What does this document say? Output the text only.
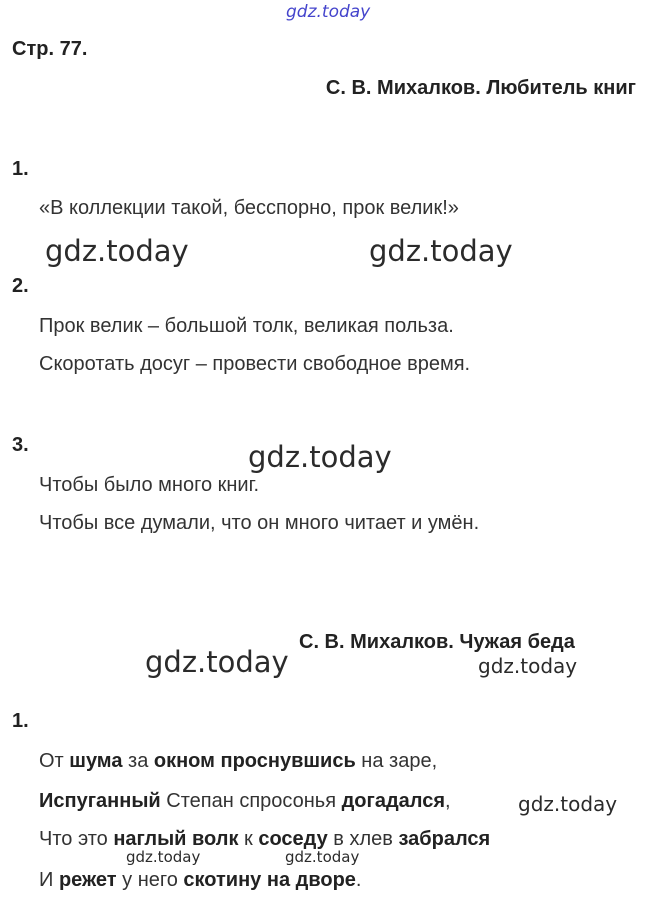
gdz.today
Стр. 77.
С. В. Михалков. Любитель книг
1.
«В коллекции такой, бесспорно, прок велик!»
gdz.today	gdz.today
2.
Прок велик – большой толк, великая польза.
Скоротать досуг – провести свободное время.
3.	gdz.today
Чтобы было много книг.
Чтобы все думали, что он много читает и умён.
С. В. Михалков. Чужая беда
gdz.today	gdz.today
1.
От шума за окном проснувшись на заре,
Испуганный Степан спросонья догадался,	gdz.today
Что это наглый волк к соседу в хлев забрался
gdz.today	gdz.today
И режет у него скотину на дворе.
